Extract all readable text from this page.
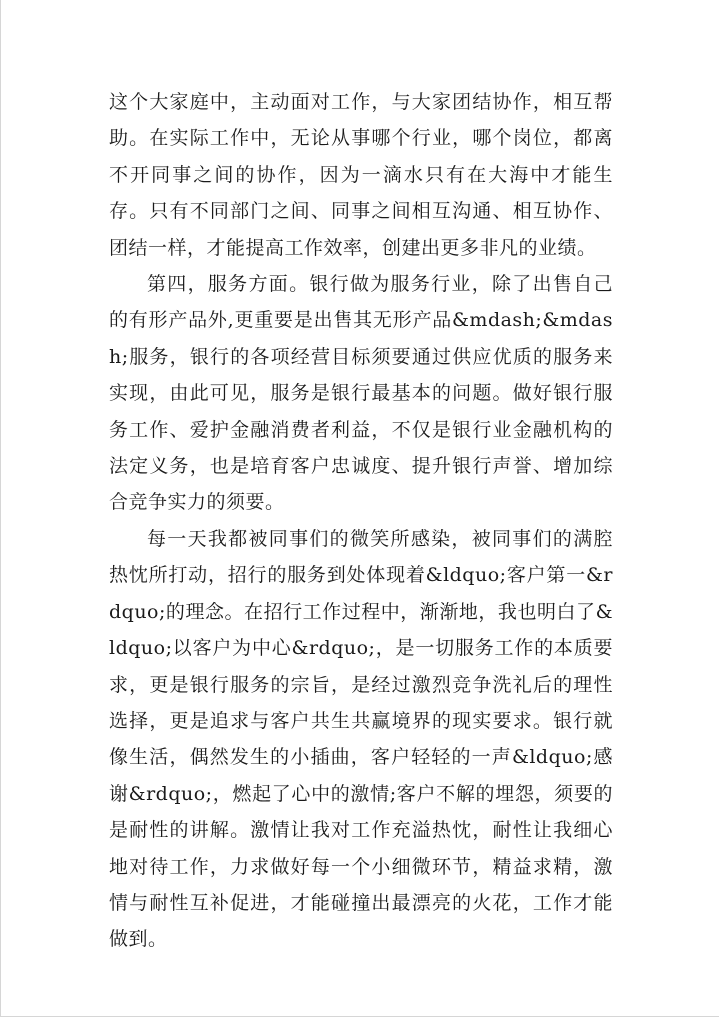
这个大家庭中，主动面对工作，与大家团结协作，相互帮助。在实际工作中，无论从事哪个行业，哪个岗位，都离不开同事之间的协作，因为一滴水只有在大海中才能生存。只有不同部门之间、同事之间相互沟通、相互协作、团结一样，才能提高工作效率，创建出更多非凡的业绩。

第四，服务方面。银行做为服务行业，除了出售自己的有形产品外,更重要是出售其无形产品&mdash;&mdash;服务，银行的各项经营目标须要通过供应优质的服务来实现，由此可见，服务是银行最基本的问题。做好银行服务工作、爱护金融消费者利益，不仅是银行业金融机构的法定义务，也是培育客户忠诚度、提升银行声誉、增加综合竞争实力的须要。

每一天我都被同事们的微笑所感染，被同事们的满腔热忱所打动，招行的服务到处体现着&ldquo;客户第一&rdquo;的理念。在招行工作过程中，渐渐地，我也明白了&ldquo;以客户为中心&rdquo;，是一切服务工作的本质要求，更是银行服务的宗旨，是经过激烈竞争洗礼后的理性选择，更是追求与客户共生共赢境界的现实要求。银行就像生活，偶然发生的小插曲，客户轻轻的一声&ldquo;感谢&rdquo;，燃起了心中的激情;客户不解的埋怨，须要的是耐性的讲解。激情让我对工作充溢热忱，耐性让我细心地对待工作，力求做好每一个小细微环节，精益求精，激情与耐性互补促进，才能碰撞出最漂亮的火花，工作才能做到。
